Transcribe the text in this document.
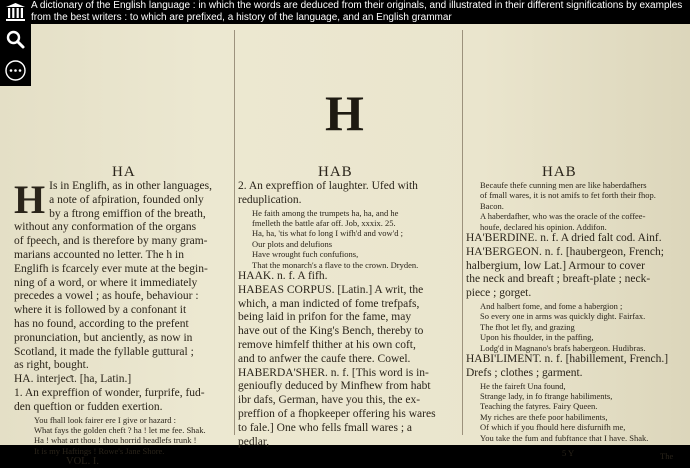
A dictionary of the English language : in which the words are deduced from their originals, and illustrated in their different significations by examples from the best writers : to which are prefixed, a history of the language, and an English grammar
H
HA	HAB	HAB
H Is in Englifh, as in other languages,
a note of afpiration, founded only
by a ftrong emiffion of the breath,
without any conformation of the organs
of fpeech, and is therefore by many gram-
marians accounted no letter. The h in
Englifh is fcarcely ever mute at the begin-
ning of a word, or where it immediately
precedes a vowel ; as houfe, behaviour :
where it is followed by a confonant it
has no found, according to the prefent
pronunciation, but anciently, as now in
Scotland, it made the fyllable guttural ;
as right, bought.
HA. interjeƈt. [ha, Latin.]
1. An expreffion of wonder, furprife, fud-
den queftion or fudden exertion.
You fhall look fairer ere I give or hazard :
What fays the golden cheft ? ha ! let me fee. Shak.
Ha ! what art thou ! thou horrid headlefs trunk !
It is my Haftings ! Rowe's Jane Shore.
VOL. I.
2. An expreffion of laughter. Ufed with
reduplication.
He faith among the trumpets ha, ha, and he
fmelleth the battle afar off. Job, xxxix. 25.
Ha, ha, 'tis what fo long I wifh'd and vow'd ;
Our plots and delufions
Have wrought fuch confufions,
That the monarch's a flave to the crown. Dryden.
HAAK. n. f. A fifh.
HABEAS CORPUS. [Latin.] A writ, the
which, a man indicted of fome trefpafs,
being laid in prifon for the fame, may
have out of the King's Bench, thereby to
remove himfelf thither at his own coft,
and to anfwer the caufe there. Cowel.
HABERDA'SHER. n. f. [This word is in-
genioufly deduced by Minfhew from habt
ibr dafs, German, have you this, the ex-
preffion of a fhopkeeper offering his wares
to fale.] One who fells fmall wares ; a
pedlar,
Becaufe thefe cunning men are like haberdafhers
of fmall wares, it is not amifs to fet forth their fhop.
Bacon.
A haberdafher, who was the oracle of the coffee-
houfe, declared his opinion. Addifon.
HA'BERDINE. n. f. A dried falt cod. Ainf.
HA'BERGEON. n. f. [haubergeon, French;
halbergium, low Lat.] Armour to cover
the neck and breaft ; breaft-plate ; neck-
piece ; gorget.
And halbert fome, and fome a habergion ;
So every one in arms was quickly dight. Fairfax.
The fhot let fly, and grazing
Upon his fhoulder, in the paffing,
Lodg'd in Magnano's brafs habergeon. Hudibras.
HABI'LIMENT. n. f. [habillement, French.]
Drefs ; clothes ; garment.
He the faireft Una found,
Strange lady, in fo ftrange habiliments,
Teaching the fatyres. Fairy Queen.
My riches are thefe poor habiliments,
Of which if you fhould here disfurnifh me,
You take the fum and fubftance that I have. Shak.
5 Y	The
